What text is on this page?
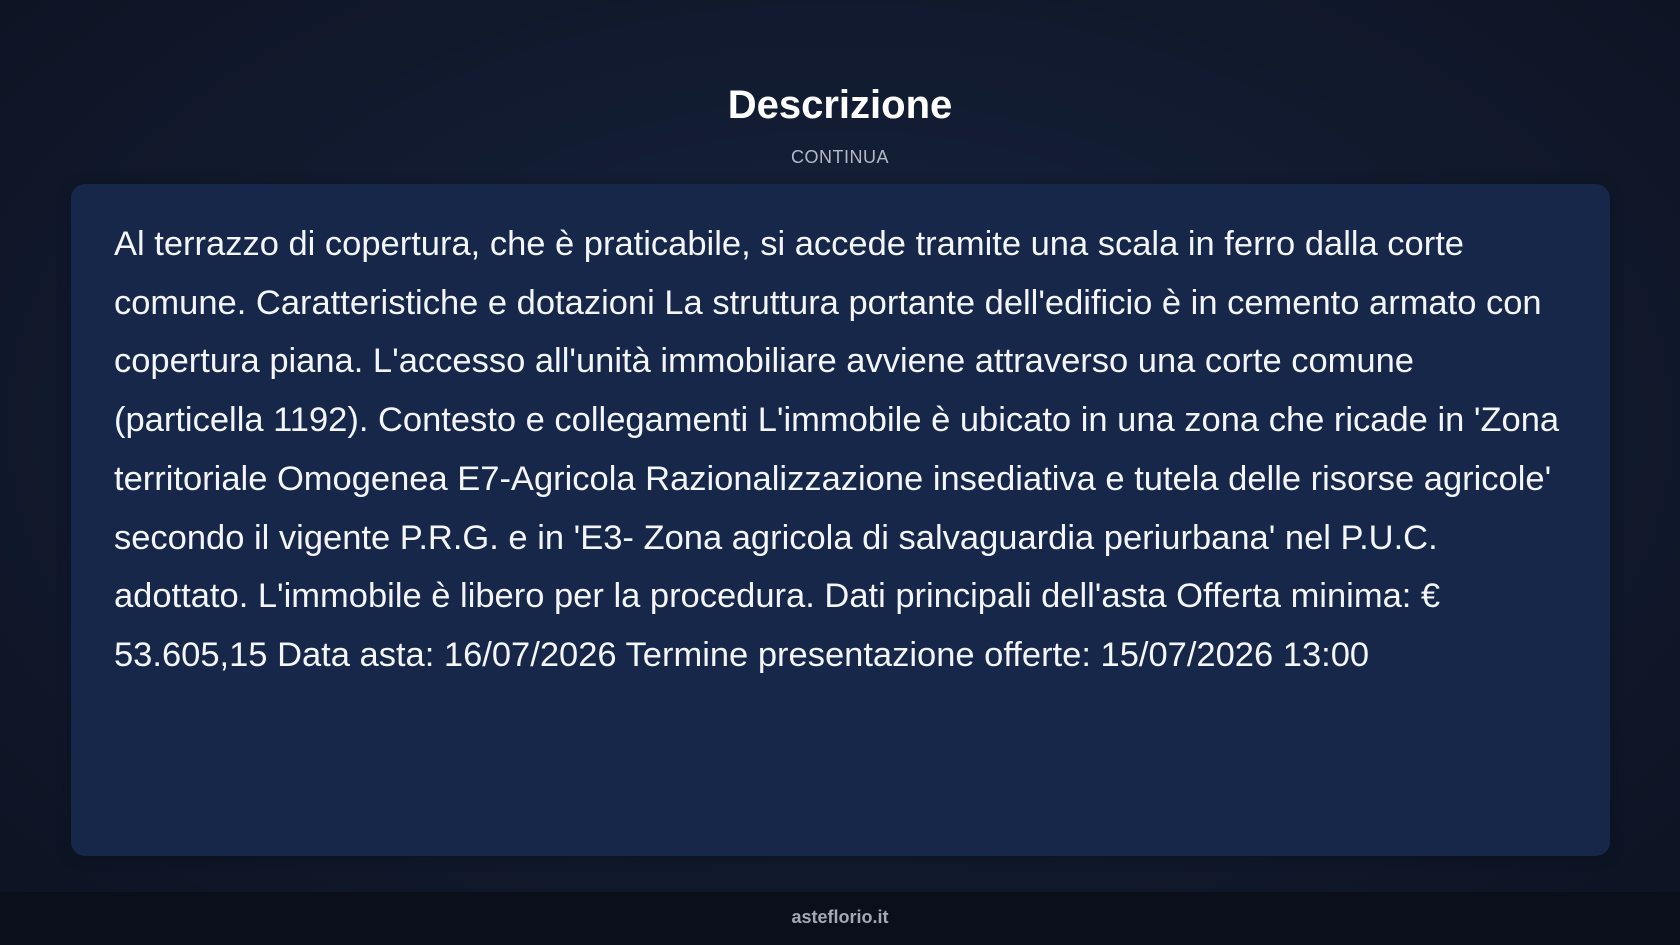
Descrizione
CONTINUA

Al terrazzo di copertura, che è praticabile, si accede tramite una scala in ferro dalla corte comune. Caratteristiche e dotazioni La struttura portante dell'edificio è in cemento armato con copertura piana. L'accesso all'unità immobiliare avviene attraverso una corte comune (particella 1192). Contesto e collegamenti L'immobile è ubicato in una zona che ricade in 'Zona territoriale Omogenea E7-Agricola Razionalizzazione insediativa e tutela delle risorse agricole' secondo il vigente P.R.G. e in 'E3- Zona agricola di salvaguardia periurbana' nel P.U.C. adottato. L'immobile è libero per la procedura. Dati principali dell'asta Offerta minima: € 53.605,15 Data asta: 16/07/2026 Termine presentazione offerte: 15/07/2026 13:00

asteflorio.it
